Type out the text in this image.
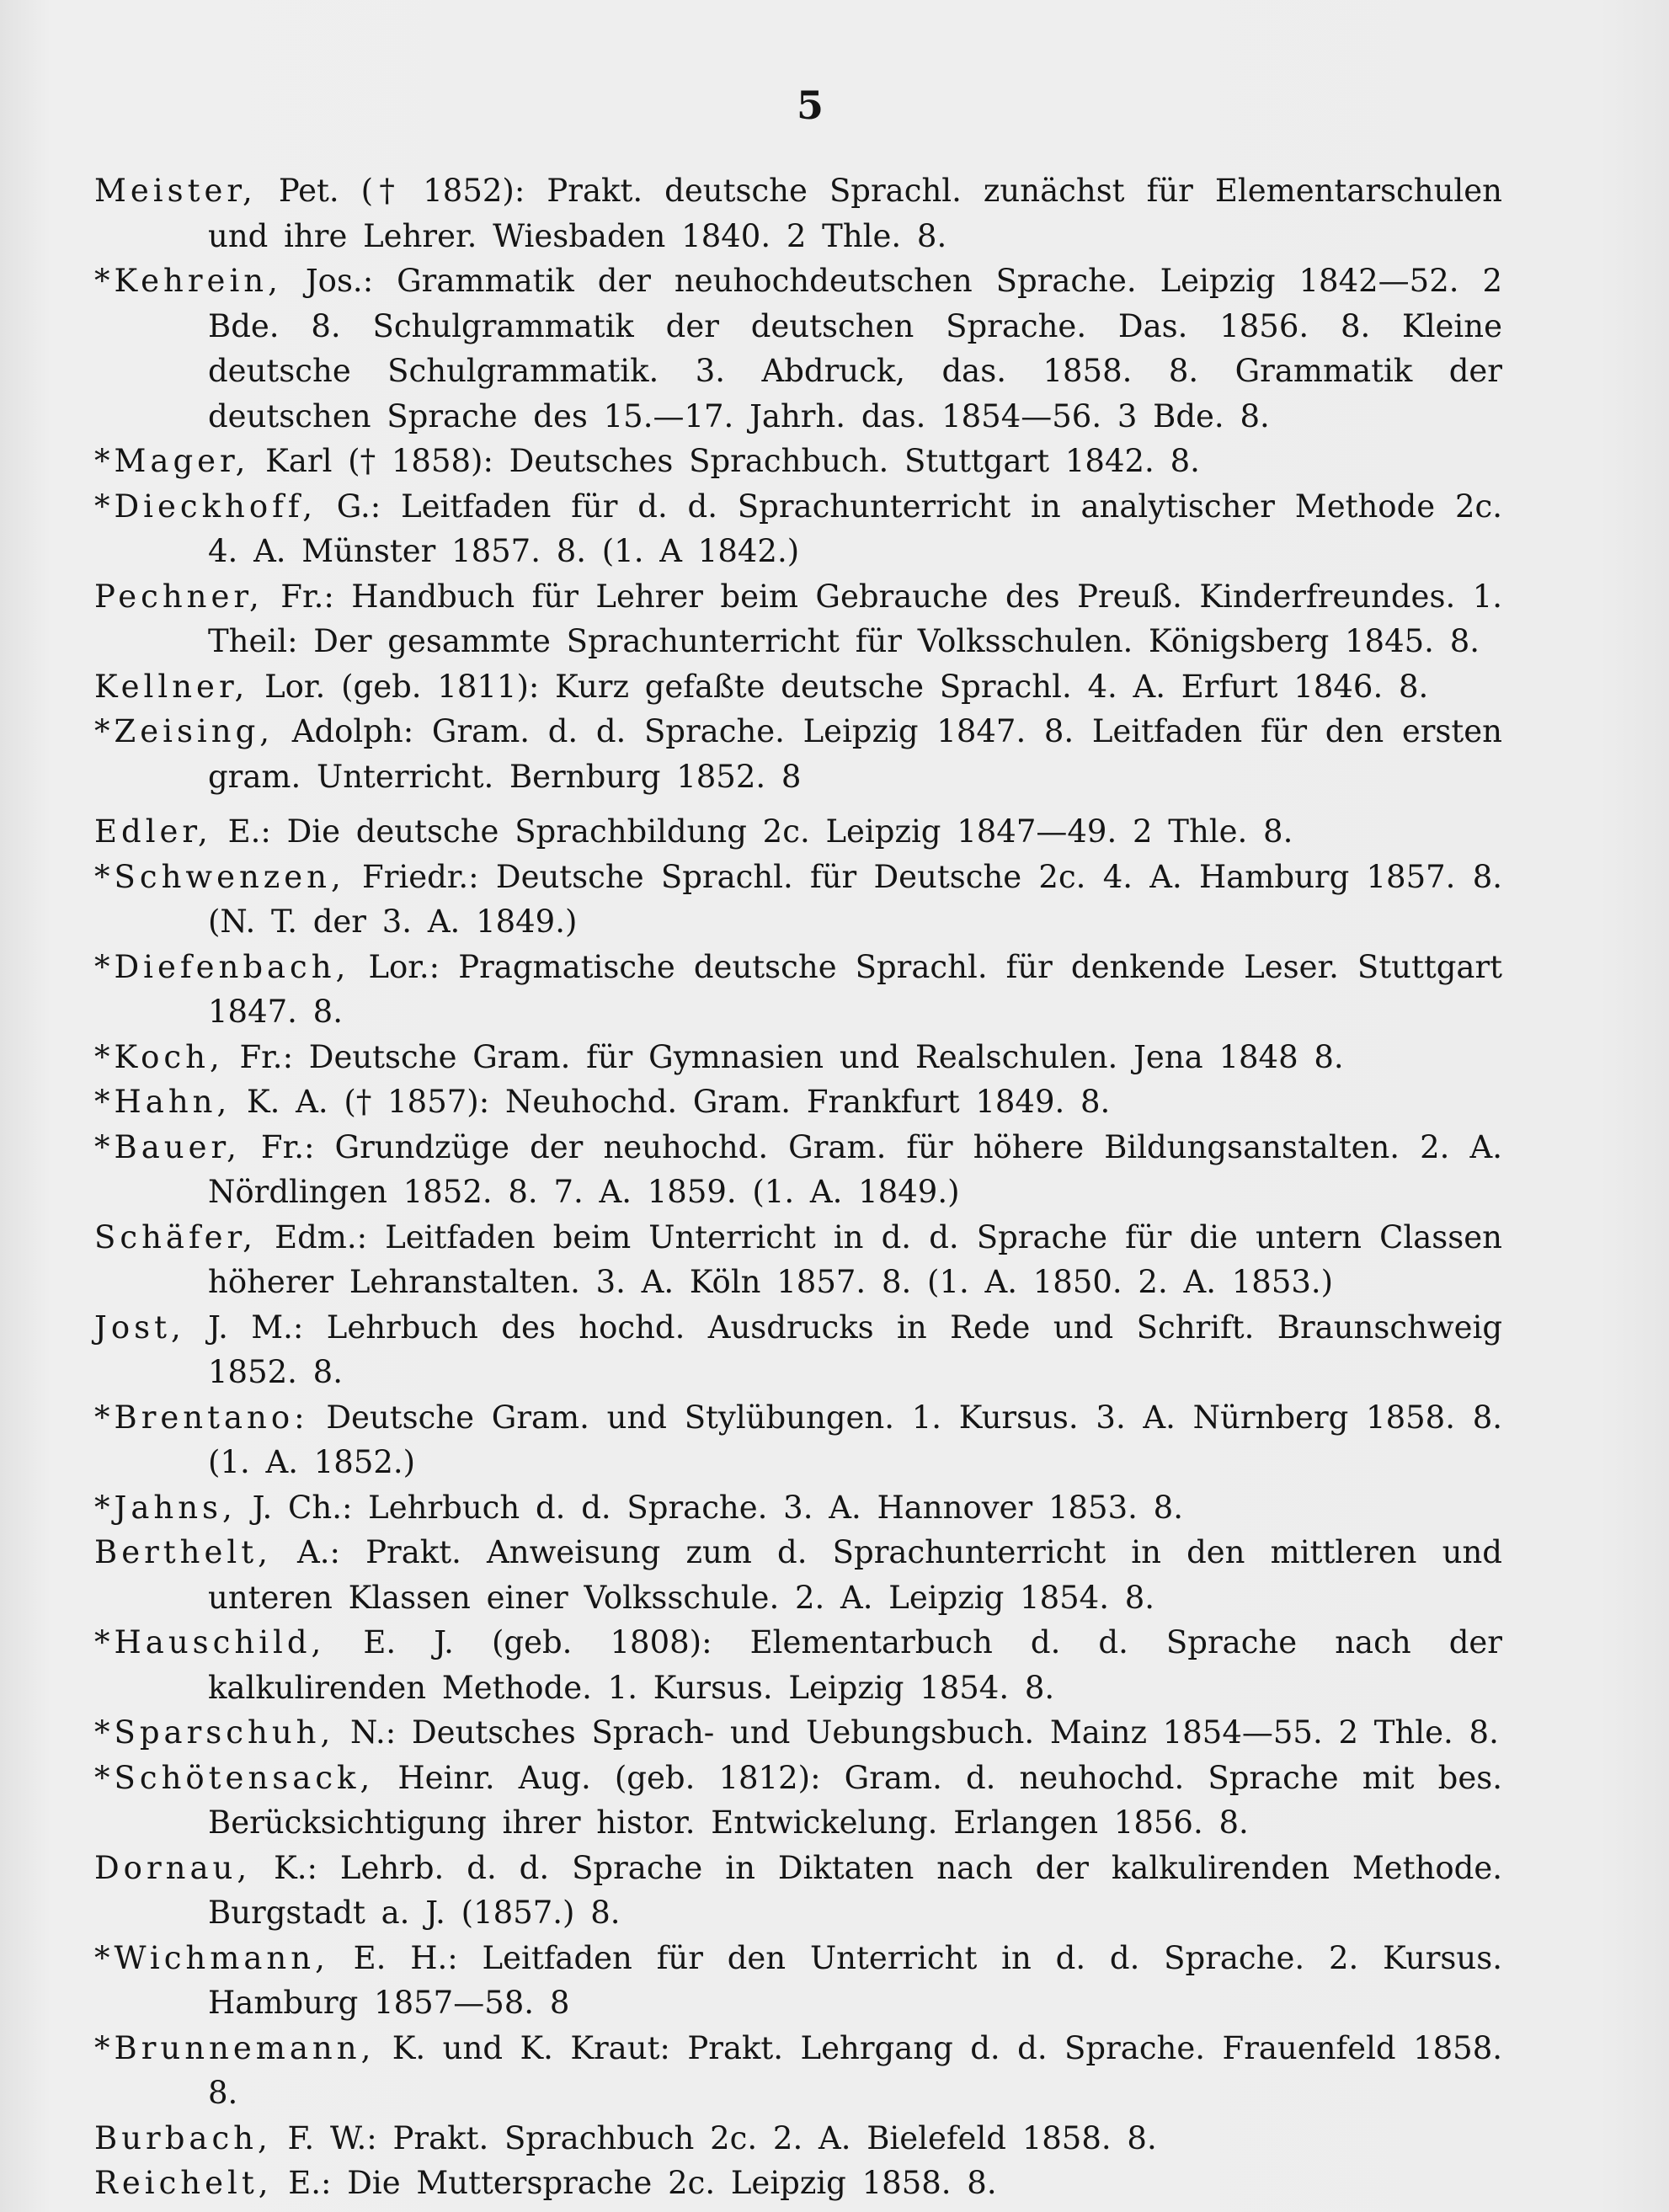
5
Meister, Pet. († 1852): Prakt. deutsche Sprachl. zunächst für Elementarschulen und ihre Lehrer. Wiesbaden 1840. 2 Thle. 8.
*Kehrein, Jos.: Grammatik der neuhochdeutschen Sprache. Leipzig 1842—52. 2 Bde. 8. Schulgrammatik der deutschen Sprache. Das. 1856. 8. Kleine deutsche Schulgrammatik. 3. Abdruck, das. 1858. 8. Grammatik der deutschen Sprache des 15.—17. Jahrh. das. 1854—56. 3 Bde. 8.
*Mager, Karl († 1858): Deutsches Sprachbuch. Stuttgart 1842. 8.
*Dieckhoff, G.: Leitfaden für d. d. Sprachunterricht in analytischer Methode 2c. 4. A. Münster 1857. 8. (1. A 1842.)
Pechner, Fr.: Handbuch für Lehrer beim Gebrauche des Preuß. Kinderfreundes. 1. Theil: Der gesammte Sprachunterricht für Volksschulen. Königsberg 1845. 8.
Kellner, Lor. (geb. 1811): Kurz gefaßte deutsche Sprachl. 4. A. Erfurt 1846. 8.
*Zeising, Adolph: Gram. d. d. Sprache. Leipzig 1847. 8. Leitfaden für den ersten gram. Unterricht. Bernburg 1852. 8
Edler, E.: Die deutsche Sprachbildung 2c. Leipzig 1847—49. 2 Thle. 8.
*Schwenzen, Friedr.: Deutsche Sprachl. für Deutsche 2c. 4. A. Hamburg 1857. 8. (N. T. der 3. A. 1849.)
*Diefenbach, Lor.: Pragmatische deutsche Sprachl. für denkende Leser. Stuttgart 1847. 8.
*Koch, Fr.: Deutsche Gram. für Gymnasien und Realschulen. Jena 1848 8.
*Hahn, K. A. († 1857): Neuhochd. Gram. Frankfurt 1849. 8.
*Bauer, Fr.: Grundzüge der neuhochd. Gram. für höhere Bildungsanstalten. 2. A. Nördlingen 1852. 8. 7. A. 1859. (1. A. 1849.)
Schäfer, Edm.: Leitfaden beim Unterricht in d. d. Sprache für die untern Classen höherer Lehranstalten. 3. A. Köln 1857. 8. (1. A. 1850. 2. A. 1853.)
Jost, J. M.: Lehrbuch des hochd. Ausdrucks in Rede und Schrift. Braunschweig 1852. 8.
*Brentano: Deutsche Gram. und Stylübungen. 1. Kursus. 3. A. Nürnberg 1858. 8. (1. A. 1852.)
*Jahns, J. Ch.: Lehrbuch d. d. Sprache. 3. A. Hannover 1853. 8.
Berthelt, A.: Prakt. Anweisung zum d. Sprachunterricht in den mittleren und unteren Klassen einer Volksschule. 2. A. Leipzig 1854. 8.
*Hauschild, E. J. (geb. 1808): Elementarbuch d. d. Sprache nach der kalkulirenden Methode. 1. Kursus. Leipzig 1854. 8.
*Sparschuh, N.: Deutsches Sprach- und Uebungsbuch. Mainz 1854—55. 2 Thle. 8.
*Schötensack, Heinr. Aug. (geb. 1812): Gram. d. neuhochd. Sprache mit bes. Berücksichtigung ihrer histor. Entwickelung. Erlangen 1856. 8.
Dornau, K.: Lehrb. d. d. Sprache in Diktaten nach der kalkulirenden Methode. Burgstadt a. J. (1857.) 8.
*Wichmann, E. H.: Leitfaden für den Unterricht in d. d. Sprache. 2. Kursus. Hamburg 1857—58. 8
*Brunnemann, K. und K. Kraut: Prakt. Lehrgang d. d. Sprache. Frauenfeld 1858. 8.
Burbach, F. W.: Prakt. Sprachbuch 2c. 2. A. Bielefeld 1858. 8.
Reichelt, E.: Die Muttersprache 2c. Leipzig 1858. 8.
